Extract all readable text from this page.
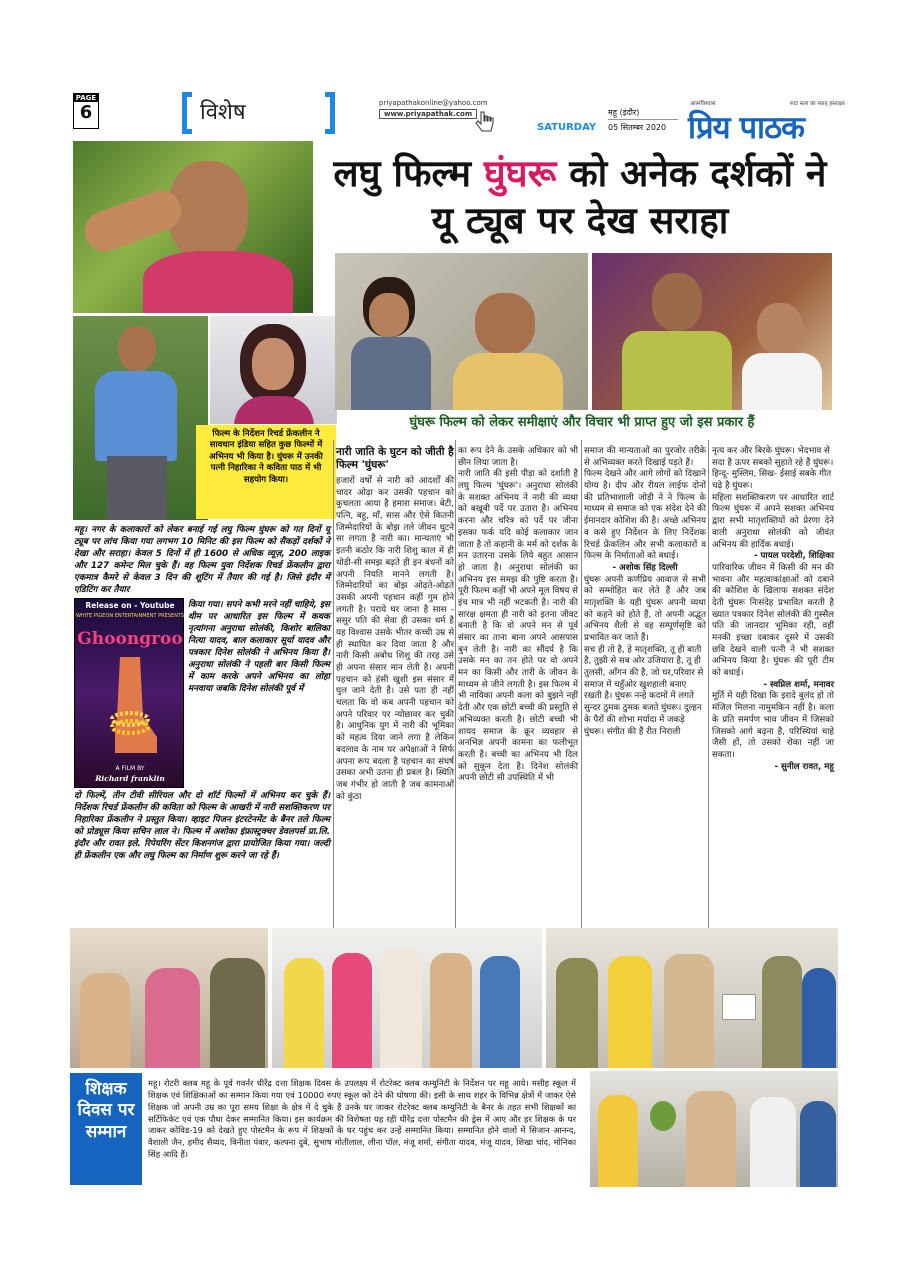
PAGE
6	विशेष	priyapathakonline@yahoo.com
www.priyapathak.com	महू (इंदौर)
SATURDAY 05 सितम्बर 2020
आत्मविश्वास	सदा सत्य का सतत् हस्ताक्षर
प्रिय पाठक
लघु फिल्म घुंघरू को अनेक दर्शकों ने यू ट्यूब पर देख सराहा
घुंघरू फिल्म को लेकर समीक्षाएं और विचार भी प्राप्त हुए जो इस प्रकार हैं
फिल्म के निर्देशन रिचर्ड फ्रेंकलीन ने सावधान इंडिया सहित कुछ फिल्मों में अभिनय भी किया है। घुंघरू में उनकी पत्नी निहारिका ने कविता पाठ में भी सहयोग किया।
महू। नगर के कलाकारों को लेकर बनाई गई लघु फिल्म घुंघरू को गत दिनों यू ट्यूब पर लांच किया गया लगभग 10 मिनिट की इस फिल्म को सैकड़ों दर्शकों ने देखा और सराहा। केवल 5 दिनों में ही 1600 से अधिक व्यूज़, 200 लाइक और 127 कमेन्ट मिल चुके हैं। वह फिल्म युवा निर्देशक रिचर्ड फ्रेंकलीन द्वारा एकमात्र कैमरे से केवल 3 दिन की शूटिंग में तैयार की गई है। जिसे इंदौर में एडिटिंग कर तैयार
Release on - Youtube
WHITE PIGEON ENTERTAINMENT PRESENTS
Ghoongroo
A FILM BY
Richard franklin
किया गया। सपने कभी मरने नहीं चाहिये, इस थीम पर आधारित इस फिल्म में कथक नृत्यांगना अनुराधा सोलंकी, किशोर बालिका नित्या यादव, बाल कलाकार सूर्या यादव और पत्रकार दिनेश सोलंकी ने अभिनय किया है। अनुराधा सोलंकी ने पहली बार किसी फिल्म में काम करके अपने अभिनय का लोहा मनवाया जबकि दिनेश सोलंकी पूर्व में
दो फिल्में, तीन टीवी सीरियल और दो शॉर्ट फिल्मों में अभिनय कर चुके हैं। निर्देशक रिचर्ड फ्रेंकलीन की कविता को फिल्म के आखरी में नारी सशक्तिकरण पर निहारिका फ्रेंकलीन ने प्रस्तुत किया। व्हाइट पिजन इंटरटेनमेंट के बैनर तले फिल्म को प्रोड्यूस किया सचिन लाल ने। फिल्म में अशोका इंफ्रास्ट्रक्चर डेवलपर्स प्रा.लि. इंदौर और रावत इले. रिपेयरिंग सेंटर किशनगंज द्वारा प्रायोजित किया गया। जल्दी ही फ्रेंकलीन एक और लघु फिल्म का निर्माण शुरू करने जा रहे हैं।
नारी जाति के घुटन को जीती है फिल्म 'घुंघरू'
हजारों वर्षों से नारी को आदर्शों की चादर ओढ़ा कर उसकी पहचान को कुचलता आया है हमारा समाज। बेटी, पत्नि, बहू, माँ, सास और ऐसे कितनी जिम्मेदारियों के बोझ तले जीवन घुटने सा लगता है नारी का। मान्यताएं भी इतनी कठोर कि नारी शिशु काल में ही थोड़ी-सी समझ बढ़ते ही इन बंधनों को अपनी नियति मानने लगती है। जिम्मेदारियों का बोझ ओढ़ते-ओढ़ते उसकी अपनी पहचान कहीं गुम होने लगती है। पराये घर जाना है सास - ससुर पति की सेवा ही उसका धर्म है यह विश्वास उसके भीतर कच्ची उम्र से ही स्थापित कर दिया जाता है और नारी किसी अबोध शिशु की तरह उसे ही अपना संसार मान लेती है। अपनी पहचान को हंसी खुशी इस संसार में घुल जाने देती है। उसे पता ही नहीं चलता कि वो कब अपनी पहचान को अपने परिवार पर न्योछावर कर चुकी है। आधुनिक युग में नारी की भूमिका को महत्व दिया जाने लगा है लेकिन बदलाव के नाम पर अपेक्षाओं ने सिर्फ अपना रूप बदला है पहचान का संघर्ष उसका अभी उतना ही प्रबल है। स्थिति जब गंभीर हो जाती है जब कामनाओं को कुंठा

का रूप देने के उसके अधिकार को भी छीन लिया जाता है।

नारी जाति की इसी पीड़ा को दर्शाती है लघु फिल्म 'घुंघरू'। अनुराधा सोलंकी के सशक्त अभिनय ने नारी की व्यथा को बखूबी पर्दे पर उतारा है। अभिनय करना और चरित्र को पर्दे पर जीना इसका फर्क यदि कोई कलाकार जान जाता है तो कहानी के मर्म को दर्शक के मन उतारना उसके लिये बहुत आसान हो जाता है। अनुराधा सोलंकी का अभिनय इस समझ की पुष्टि करता है। पूरी फिल्म कहीं भी अपने मूल विषय से इंच मात्र भी नहीं भटकती है। नारी की सारक्ष क्षमता ही नारी को इतना जीवट बनाती है कि वो अपने मन से पूर्व संसार का ताना बाना अपने आसपास बुन लेती है। नारी का सौंदर्य है कि उसके मन का तन होते पर वो अपने मन का किसी और तारी के जीवन के माध्यम से जीने लगती है। इस फिल्म में भी नायिका अपनी कला को बुझने नहीं देती और एक छोटी बच्ची की प्रस्तुति से अभिव्यक्त करती है। छोटी बच्ची भी शायद समाज के क्रूर व्यवहार से अनभिज्ञ अपनी कामना का फलीभूत करती है। बच्ची का अभिनय भी दिल को सुकून देता है। दिनेश सोलंकी अपनी छोटी सी उपस्थिति में भी

समाज की मान्यताओं का पुरजोर तरीके से अभिव्यक्त करते दिखाई पड़ते हैं।

फिल्म देखने और आगे लोगों को दिखाने योग्य है। दीप और रीयल लाईफ दोनों की प्रतिभाशाली जोड़ी ने ने फिल्म के माध्यम से समाज को एक संदेश देने की ईमानदार कोशिश की है। अच्छे अभिनय व कसे हुए निर्देशन के लिए निर्देशक रिचर्ड फ्रेंकलिन और सभी कलाकारों व फिल्म के निर्माताओं को बधाई।

- अशोक सिंह दिल्ली

घुंघरू अपनी कर्णप्रिय आवाज से सभी को सम्मोहित कर लेते हैं और जब मातृशक्ति के यही घुंघरू अपनी व्यथा को कहने को होते हैं, तो अपनी अद्भुत अभिनय शैली से वह सम्पूर्णसृष्टि को प्रभावित कर जाते हैं।

सच ही तो है, हे मातृशक्ति, तू ही बाती है, तुझी से सब ओर उजियारा है, तू ही तुलसी, आँगन की है, जो घर,परिवार से समाज में चहुँओर खुशहाली बनाए रखती है। घुंघरू नन्हे कदमों में लगते सुन्दर ठुमक ठुमक बजते घुंघरू। दुल्हन के पैरों की शोभा मर्यादा में जकड़े घुंघरू। संगीत की हैं रीत निराली

नृत्य कर और बिरके घुंघरू। भेदभाव से सदा है ऊपर सबको सुहाते रहे हैं घुंघरू। हिन्दू- मुस्लिम, सिख- ईसाई सबके गीत चढ़े है घुंघरू।

महिला सशक्तिकरण पर आधारित शार्ट फिल्म घुंघरू में अपने सशक्त अभिनय द्वारा सभी मातृशक्तियों को प्रेरणा देने वाली अनुराधा सोलंकी को जीवंत अभिनय की हार्दिक बधाई।

- पायल परदेशी, शिक्षिका

पारिवारिक जीवन में किसी की मन की भावना और महत्वाकांक्षाओं को दबाने की कोशिश के खिलाफ सशक्त संदेश देती घुंघरू निःसंदेह प्रभावित करती है ख्यात पत्रकार दिनेश सोलंकी की गुस्सैल पति की जानदार भूमिका रही, वहीं मनकी इच्छा दबाकर दूसरे में उसकी छवि देखने वाली पत्नी ने भी सशक्त अभिनय किया है। घुंघरू की पूरी टीम को बधाई।

- स्वप्निल शर्मा, मनावर

मूर्ति में यही दिखा कि इरादे बुलंद हो तो मंजिल मिलना नामुमकिन नहीं है। कला के प्रति समर्पण भाव जीवन में जिसको जिसको आगे बढ़ना है, परिस्थियां चाहे जैसी हों, तो उसको रोका नहीं जा सकता।

- सुनील रावत, महू

शिक्षक दिवस पर सम्मान
महू। रोटरी क्लब महू के पूर्व गवर्नर धीरेंद्र दत्ता शिक्षक दिवस के उपलक्ष्य में रोटरेक्ट क्लब कम्युनिटी के निर्देशन पर महू आये। मसीह स्कूल में शिक्षक एवं शिक्षिकाओं का सम्मान किया गया एवं 10000 रुपए स्कूल को देने की घोषणा की। इसी के साथ शहर के विभिन्न क्षेत्रों में जाकर ऐसे शिक्षक जो अपनी उम्र का पूरा समय शिक्षा के क्षेत्र में दे चुके हैं उनके घर जाकर रोटरेक्ट क्लब कम्युनिटी के बैनर के तहत सभी शिक्षकों का सर्टिफिकेट एवं एक पौधा देकर सम्मानित किया। इस कार्यक्रम की विशेषता यह रही धीरेंद्र दत्ता पोस्टमैन की ड्रेस में आए और हर शिक्षक के घर जाकर कोविड-19 को देखते हुए पोस्टमैन के रूप में शिक्षकों के घर पहुंच कर उन्हें सम्मानित किया। सम्मानित होने वालों में सिजान आनन्द, वैशाली जैन, हमीद सैय्यद, विनीता पंवार, कल्पना दुबे, सुभाष मोतीलाल, लीना पॉल, मंजू शर्मा, संगीता यादव, मंजू यादव, शिखा चांद, मोनिका सिंह आदि हैं।
